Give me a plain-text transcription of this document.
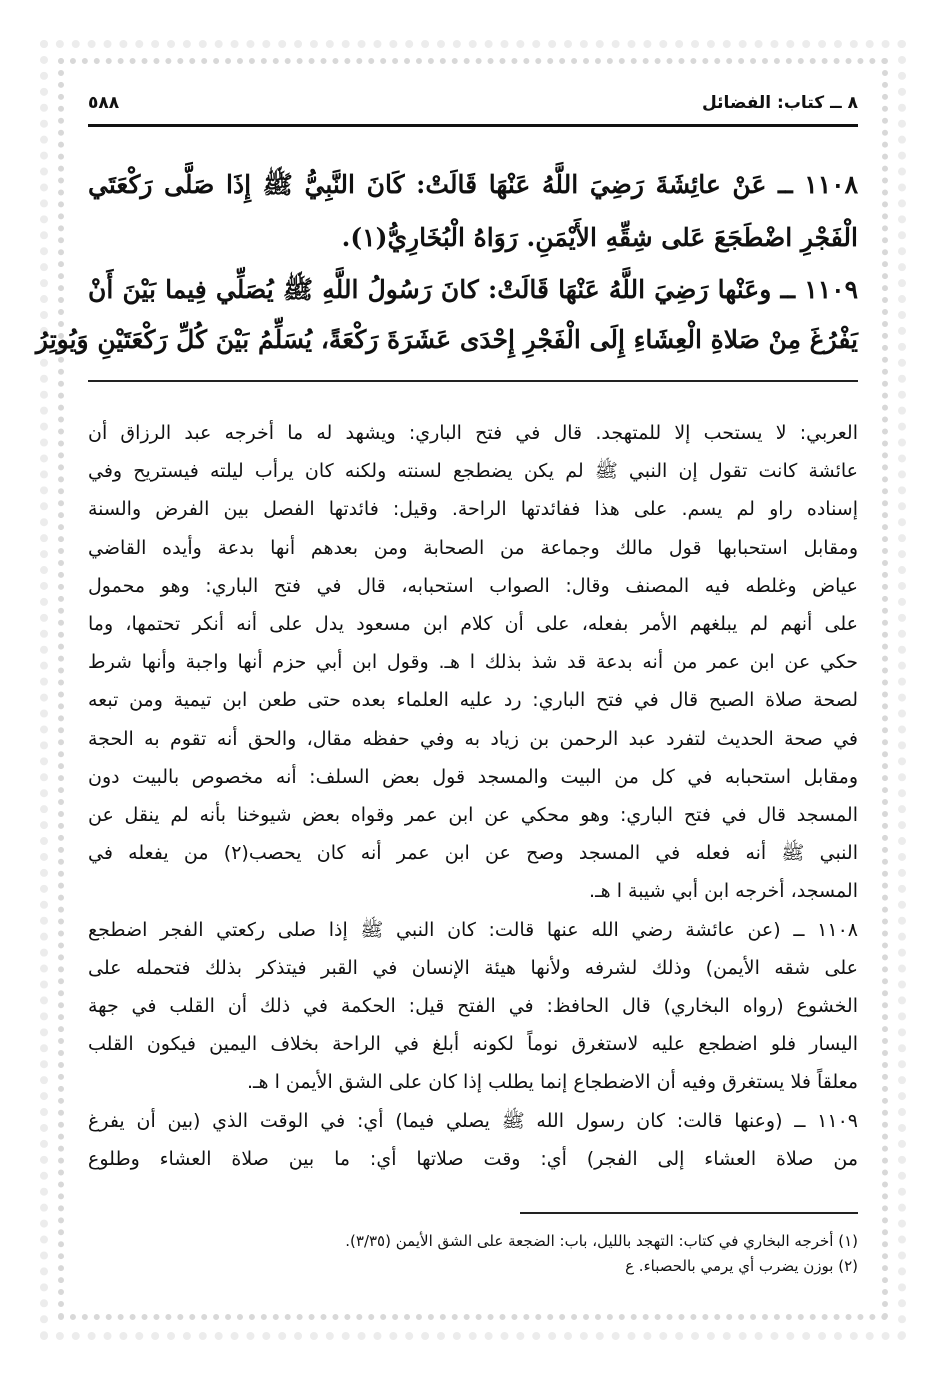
٨ ــ كتاب: الفضائل
٥٨٨
١١٠٨ ــ عَنْ عائِشَةَ رَضِيَ اللَّهُ عَنْهَا قَالَتْ: كَانَ النَّبِيُّ ﷺ إِذَا صَلَّى رَكْعَتَي
الْفَجْرِ اضْطَجَعَ عَلى شِقِّهِ الأَيْمَنِ. رَوَاهُ الْبُخَارِيُّ(١).
١١٠٩ ــ وعَنْها رَضِيَ اللَّهُ عَنْهَا قَالَتْ: كانَ رَسُولُ اللَّهِ ﷺ يُصَلِّي فِيما بَيْنَ أَنْ
يَفْرُغَ مِنْ صَلاةِ الْعِشَاءِ إِلَى الْفَجْرِ إِحْدَى عَشَرَةَ رَكْعَةً، يُسَلِّمُ بَيْنَ كُلِّ رَكْعَتَيْنِ وَيُوتِرُ
العربي: لا يستحب إلا للمتهجد. قال في فتح الباري: ويشهد له ما أخرجه عبد الرزاق أن
عائشة كانت تقول إن النبي ﷺ لم يكن يضطجع لسنته ولكنه كان يرأب ليلته فيستريح وفي
إسناده راو لم يسم. على هذا ففائدتها الراحة. وقيل: فائدتها الفصل بين الفرض والسنة
ومقابل استحبابها قول مالك وجماعة من الصحابة ومن بعدهم أنها بدعة وأيده القاضي
عياض وغلطه فيه المصنف وقال: الصواب استحبابه، قال في فتح الباري: وهو محمول
على أنهم لم يبلغهم الأمر بفعله، على أن كلام ابن مسعود يدل على أنه أنكر تحتمها، وما
حكي عن ابن عمر من أنه بدعة قد شذ بذلك ا هـ. وقول ابن أبي حزم أنها واجبة وأنها شرط
لصحة صلاة الصبح قال في فتح الباري: رد عليه العلماء بعده حتى طعن ابن تيمية ومن تبعه
في صحة الحديث لتفرد عبد الرحمن بن زياد به وفي حفظه مقال، والحق أنه تقوم به الحجة
ومقابل استحبابه في كل من البيت والمسجد قول بعض السلف: أنه مخصوص بالبيت دون
المسجد قال في فتح الباري: وهو محكي عن ابن عمر وقواه بعض شيوخنا بأنه لم ينقل عن
النبي ﷺ أنه فعله في المسجد وصح عن ابن عمر أنه كان يحصب(٢) من يفعله في
المسجد، أخرجه ابن أبي شيبة ا هـ.
١١٠٨ ــ (عن عائشة رضي الله عنها قالت: كان النبي ﷺ إذا صلى ركعتي الفجر اضطجع
على شقه الأيمن) وذلك لشرفه ولأنها هيئة الإنسان في القبر فيتذكر بذلك فتحمله على
الخشوع (رواه البخاري) قال الحافظ: في الفتح قيل: الحكمة في ذلك أن القلب في جهة
اليسار فلو اضطجع عليه لاستغرق نوماً لكونه أبلغ في الراحة بخلاف اليمين فيكون القلب
معلقاً فلا يستغرق وفيه أن الاضطجاع إنما يطلب إذا كان على الشق الأيمن ا هـ.
١١٠٩ ــ (وعنها قالت: كان رسول الله ﷺ يصلي فيما) أي: في الوقت الذي (بين أن يفرغ
من صلاة العشاء إلى الفجر) أي: وقت صلاتها أي: ما بين صلاة العشاء وطلوع
(١) أخرجه البخاري في كتاب: التهجد بالليل، باب: الضجعة على الشق الأيمن (٣/٣٥).
(٢) بوزن يضرب أي يرمي بالحصباء. ع
